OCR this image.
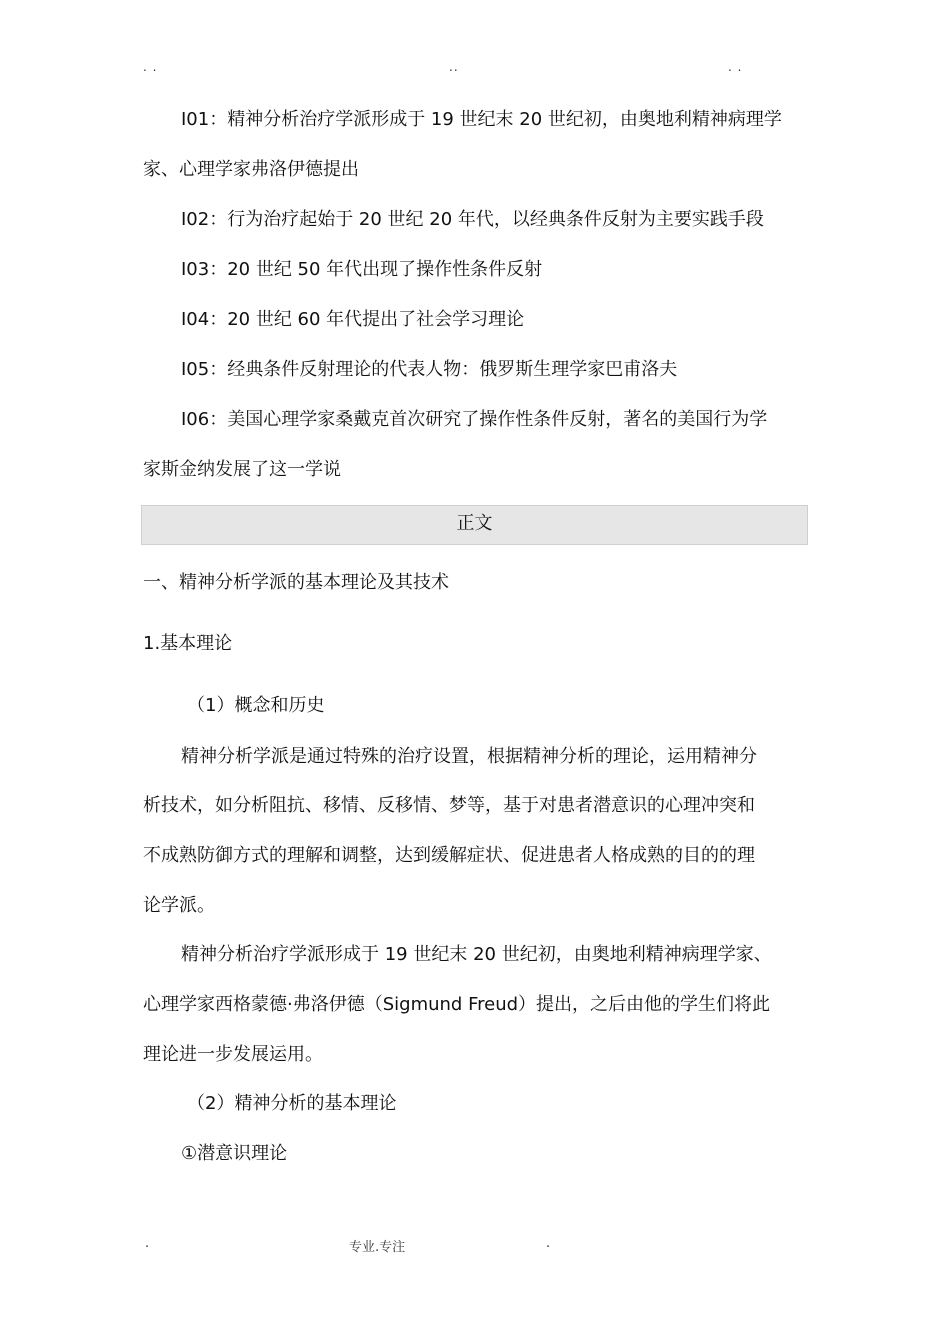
. .	..	. .
I01：精神分析治疗学派形成于 19 世纪末 20 世纪初，由奥地利精神病理学
家、心理学家弗洛伊德提出
I02：行为治疗起始于 20 世纪 20 年代，以经典条件反射为主要实践手段
I03：20 世纪 50 年代出现了操作性条件反射
I04：20 世纪 60 年代提出了社会学习理论
I05：经典条件反射理论的代表人物：俄罗斯生理学家巴甫洛夫
I06：美国心理学家桑戴克首次研究了操作性条件反射，著名的美国行为学
家斯金纳发展了这一学说
正文
一、精神分析学派的基本理论及其技术
1.基本理论
（1）概念和历史
精神分析学派是通过特殊的治疗设置，根据精神分析的理论，运用精神分
析技术，如分析阻抗、移情、反移情、梦等，基于对患者潜意识的心理冲突和
不成熟防御方式的理解和调整，达到缓解症状、促进患者人格成熟的目的的理
论学派。
精神分析治疗学派形成于 19 世纪末 20 世纪初，由奥地利精神病理学家、
心理学家西格蒙德·弗洛伊德（Sigmund Freud）提出，之后由他的学生们将此
理论进一步发展运用。
（2）精神分析的基本理论
①潜意识理论
.	专业.专注	.
